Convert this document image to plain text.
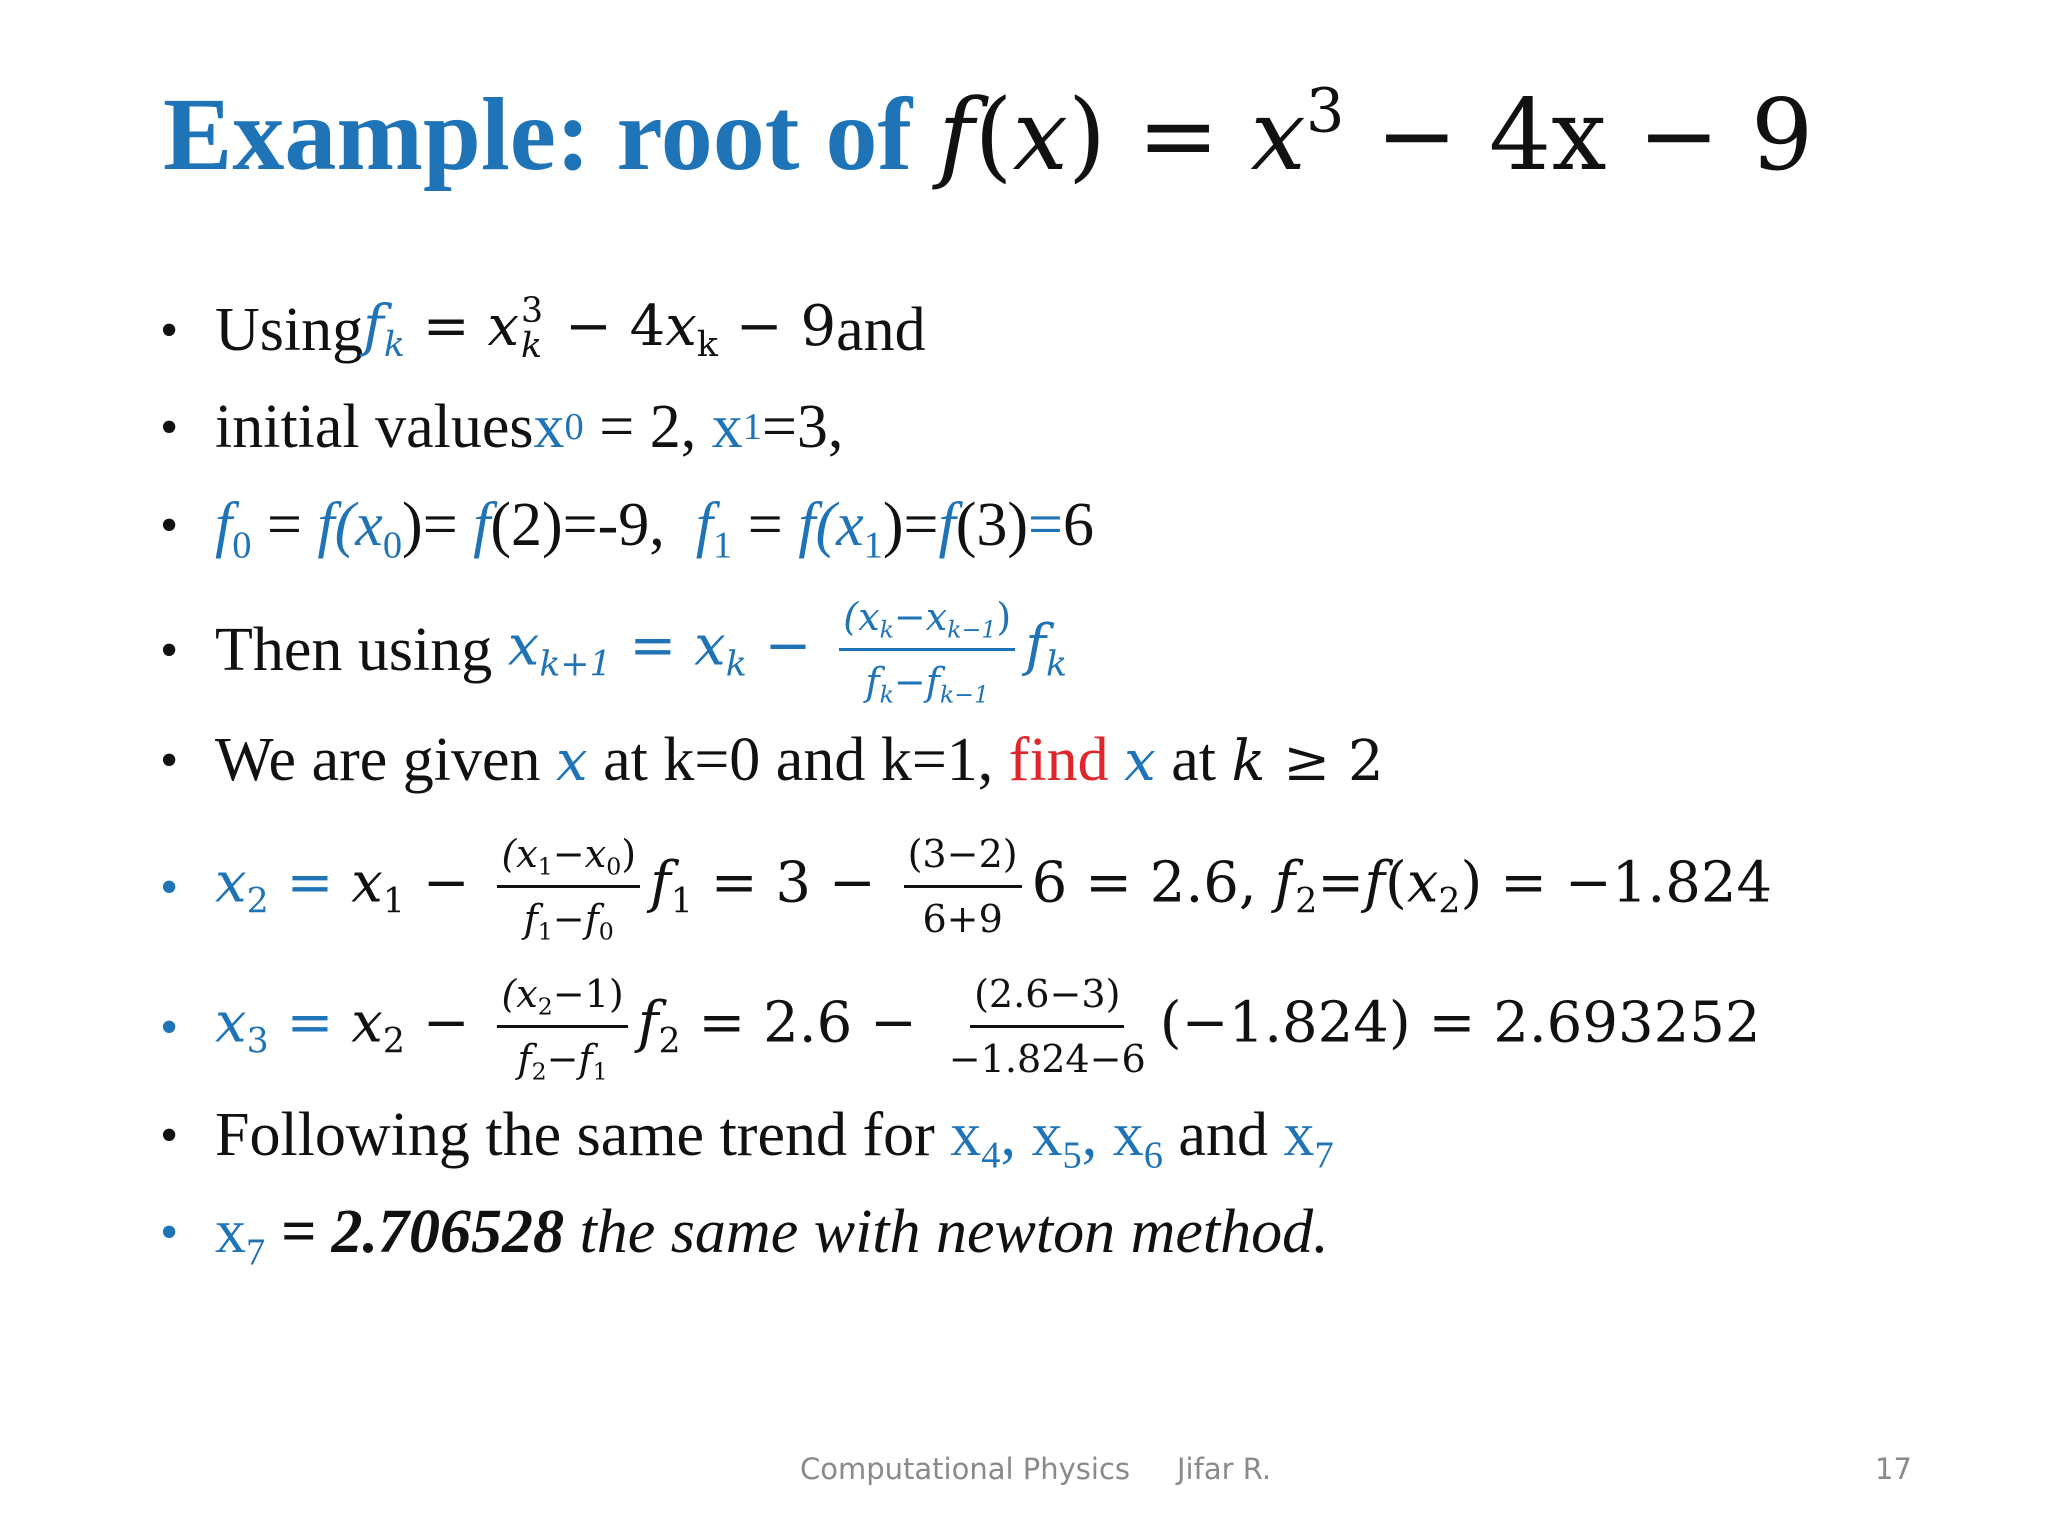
Example: root of $f(x) = x^3 - 4x - 9$
• Using $f_k = x$ 3
$k - 4x_k - 9$ and
• initial values x 0 = 2, x 1 =3,
• $f_0 = f(x_0)= f(2)=-9$,  $f_1 = f(x_1)=f(3)=6$
• Then using $x_{k+1} = x_k - \frac{(x_k-x_{k-1})}{f_k-f_{k-1}} f_k$
• We are given x at k=0 and k=1, find x at k ≥ 2
• $x_2 = x_1 - \frac{(x_1-x_0)}{f_1-f_0} f_1 = 3 - \frac{(3-2)}{6+9} 6 = 2.6$, $f_2=f(x_2) = -1.824$
• $x_3 = x_2 - \frac{(x_2-1)}{f_2-f_1} f_2 = 2.6 - \frac{(2.6-3)}{-1.824-6} (-1.824) = 2.693252$
• Following the same trend for $x_4$, $x_5$, $x_6$ and $x_7$
• $x_7 = 2.706528$ the same with newton method.
Computational Physics Jifar R.	17
